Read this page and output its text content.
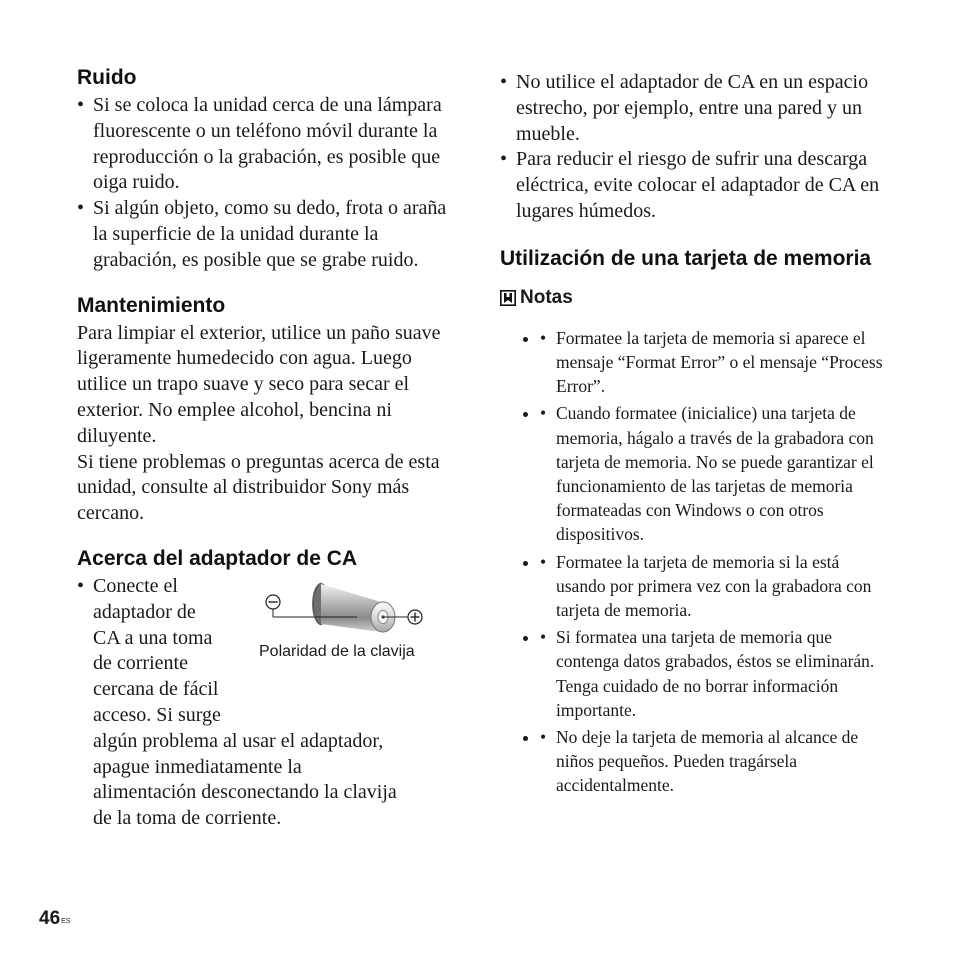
Ruido
• Si se coloca la unidad cerca de una lámpara fluorescente o un teléfono móvil durante la reproducción o la grabación, es posible que oiga ruido.
• Si algún objeto, como su dedo, frota o araña la superficie de la unidad durante la grabación, es posible que se grabe ruido.
Mantenimiento

Para limpiar el exterior, utilice un paño suave ligeramente humedecido con agua. Luego utilice un trapo suave y seco para secar el exterior. No emplee alcohol, bencina ni diluyente.

Si tiene problemas o preguntas acerca de esta unidad, consulte al distribuidor Sony más cercano.

Acerca del adaptador de CA
• Conecte el
adaptador de
CA a una toma
de corriente
cercana de fácil
acceso. Si surge
algún problema al usar el adaptador,
apague inmediatamente la
alimentación desconectando la clavija
de la toma de corriente.
Polaridad de la clavija
• No utilice el adaptador de CA en un espacio estrecho, por ejemplo, entre una pared y un mueble.
• Para reducir el riesgo de sufrir una descarga eléctrica, evite colocar el adaptador de CA en lugares húmedos.
Utilización de una tarjeta de memoria
Notas
• • Formatee la tarjeta de memoria si aparece el mensaje “Format Error” o el mensaje “Process Error”.
• • Cuando formatee (inicialice) una tarjeta de memoria, hágalo a través de la grabadora con tarjeta de memoria. No se puede garantizar el funcionamiento de las tarjetas de memoria formateadas con Windows o con otros dispositivos.
• • Formatee la tarjeta de memoria si la está usando por primera vez con la grabadora con tarjeta de memoria.
• • Si formatea una tarjeta de memoria que contenga datos grabados, éstos se eliminarán. Tenga cuidado de no borrar información importante.
• • No deje la tarjeta de memoria al alcance de niños pequeños. Pueden tragársela accidentalmente.
$46^{ES}$
